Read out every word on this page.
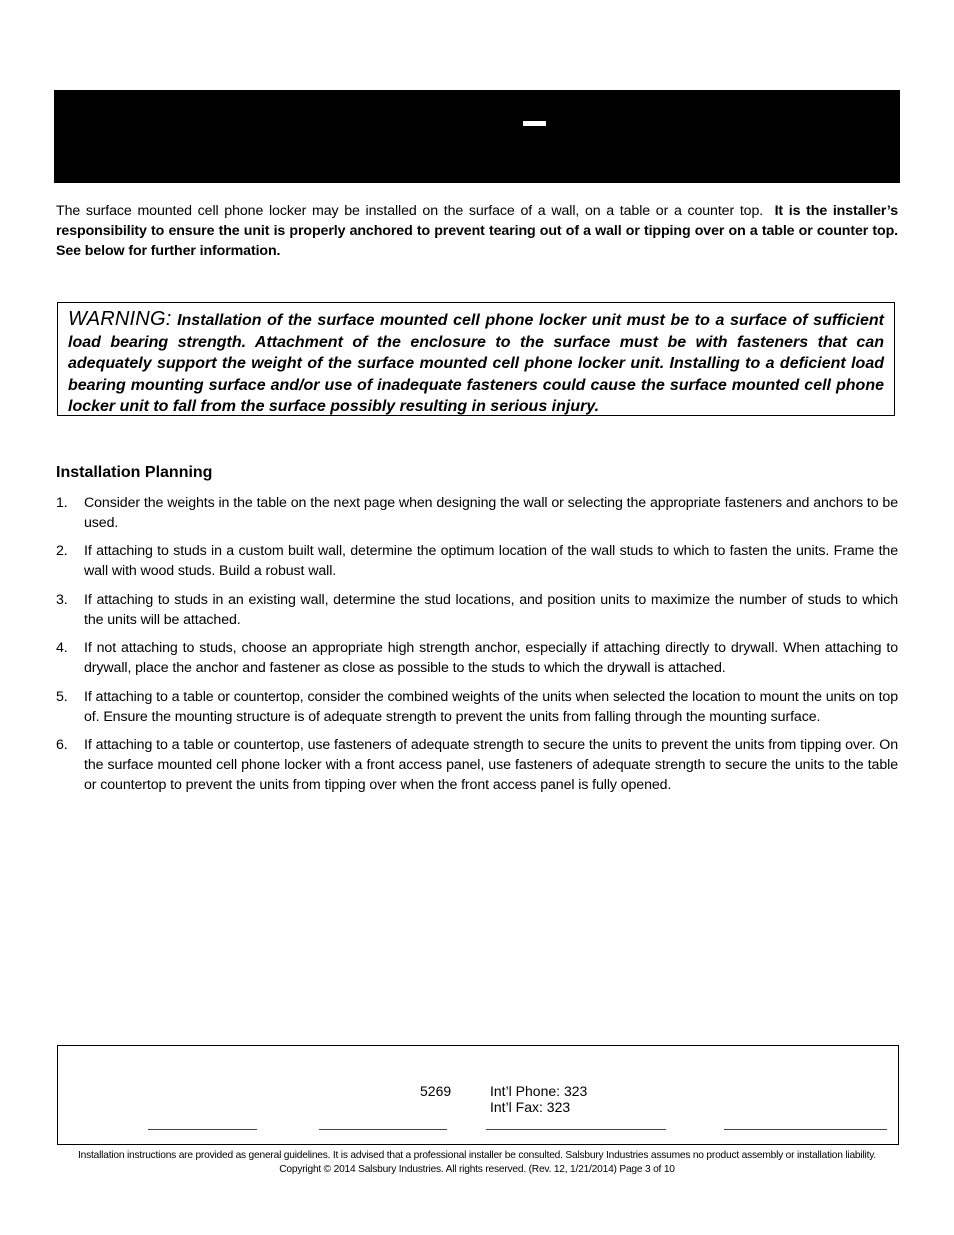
The surface mounted cell phone locker may be installed on the surface of a wall, on a table or a counter top. It is the installer’s responsibility to ensure the unit is properly anchored to prevent tearing out of a wall or tipping over on a table or counter top. See below for further information.
WARNING: Installation of the surface mounted cell phone locker unit must be to a surface of sufficient load bearing strength. Attachment of the enclosure to the surface must be with fasteners that can adequately support the weight of the surface mounted cell phone locker unit. Installing to a deficient load bearing mounting surface and/or use of inadequate fasteners could cause the surface mounted cell phone locker unit to fall from the surface possibly resulting in serious injury.
Installation Planning
1. Consider the weights in the table on the next page when designing the wall or selecting the appropriate fasteners and anchors to be used.
2. If attaching to studs in a custom built wall, determine the optimum location of the wall studs to which to fasten the units. Frame the wall with wood studs. Build a robust wall.
3. If attaching to studs in an existing wall, determine the stud locations, and position units to maximize the number of studs to which the units will be attached.
4. If not attaching to studs, choose an appropriate high strength anchor, especially if attaching directly to drywall. When attaching to drywall, place the anchor and fastener as close as possible to the studs to which the drywall is attached.
5. If attaching to a table or countertop, consider the combined weights of the units when selected the location to mount the units on top of. Ensure the mounting structure is of adequate strength to prevent the units from falling through the mounting surface.
6. If attaching to a table or countertop, use fasteners of adequate strength to secure the units to prevent the units from tipping over. On the surface mounted cell phone locker with a front access panel, use fasteners of adequate strength to secure the units to the table or countertop to prevent the units from tipping over when the front access panel is fully opened.
5269	Int’l Phone: 323
Int’l Fax: 323
Installation instructions are provided as general guidelines. It is advised that a professional installer be consulted. Salsbury Industries assumes no product assembly or installation liability.
Copyright © 2014 Salsbury Industries. All rights reserved. (Rev. 12, 1/21/2014) Page 3 of 10
